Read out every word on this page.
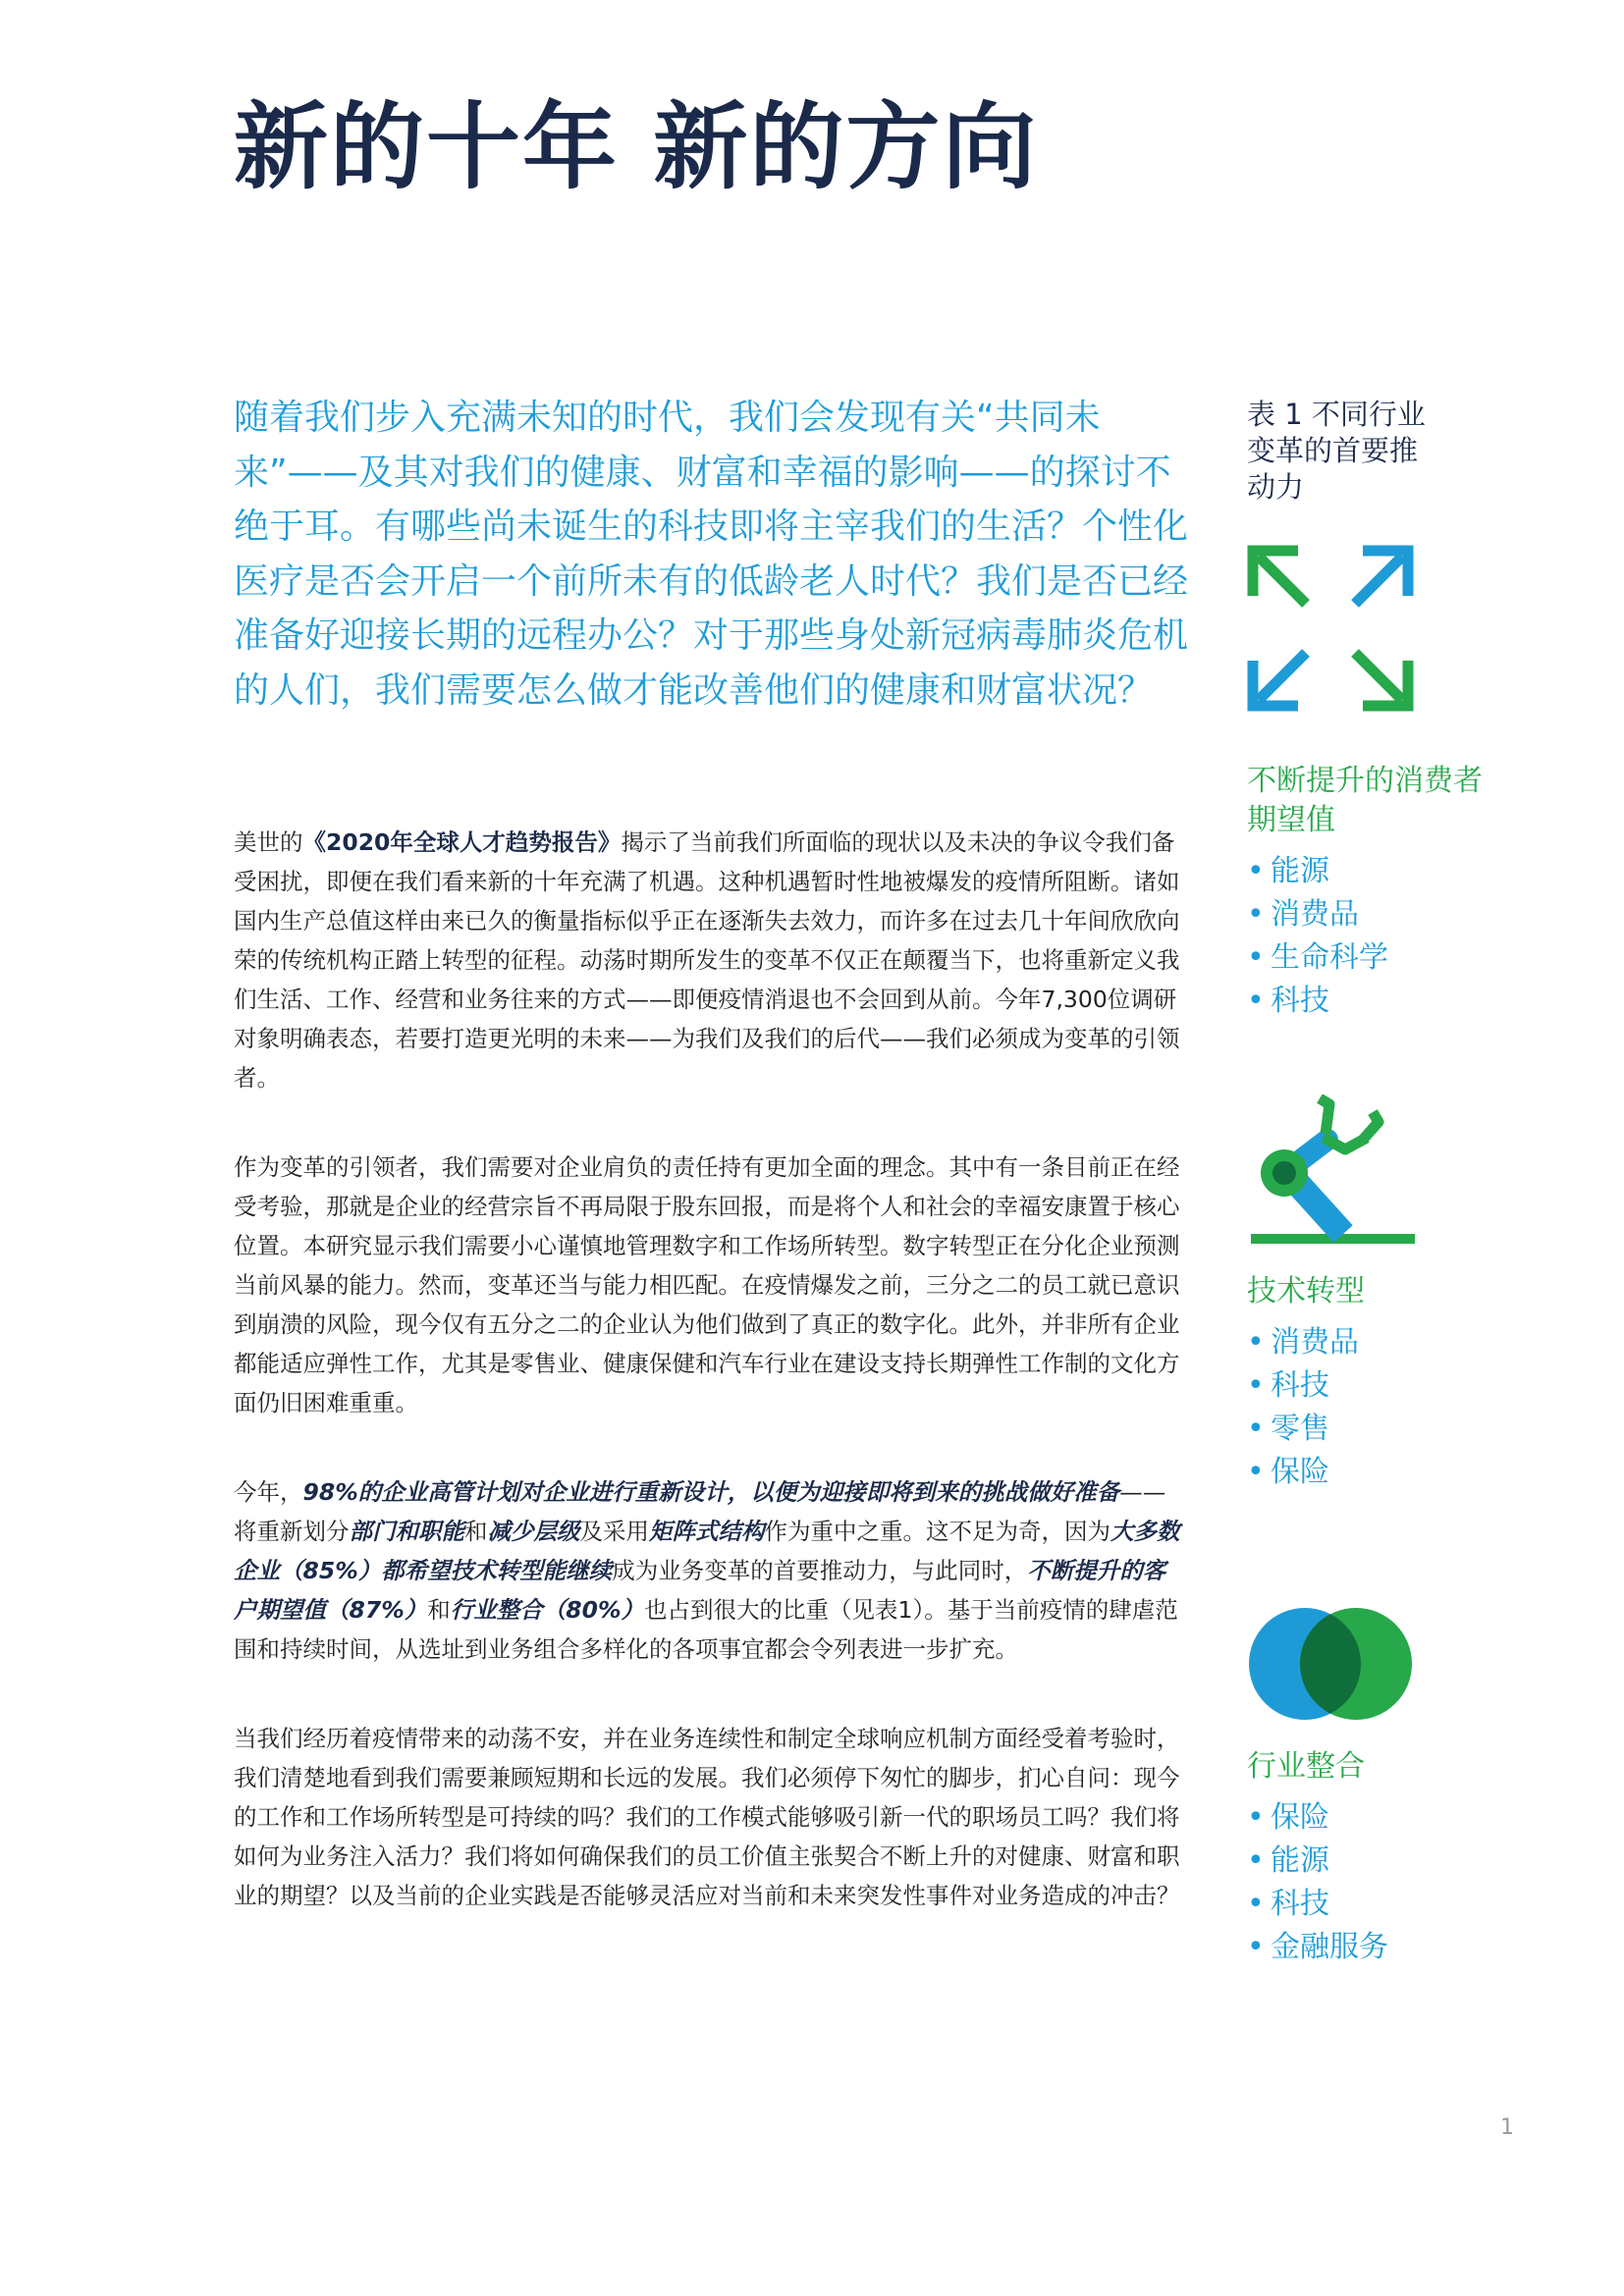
新的十年 新的方向

随着我们步入充满未知的时代，我们会发现有关“共同未来”——及其对我们的健康、财富和幸福的影响——的探讨不绝于耳。有哪些尚未诞生的科技即将主宰我们的生活？个性化医疗是否会开启一个前所未有的低龄老人时代？我们是否已经准备好迎接长期的远程办公？对于那些身处新冠病毒肺炎危机的人们，我们需要怎么做才能改善他们的健康和财富状况？

美世的《2020年全球人才趋势报告》揭示了当前我们所面临的现状以及未决的争议令我们备受困扰，即便在我们看来新的十年充满了机遇。这种机遇暂时性地被爆发的疫情所阻断。诸如国内生产总值这样由来已久的衡量指标似乎正在逐渐失去效力，而许多在过去几十年间欣欣向荣的传统机构正踏上转型的征程。动荡时期所发生的变革不仅正在颠覆当下，也将重新定义我们生活、工作、经营和业务往来的方式——即便疫情消退也不会回到从前。今年7,300位调研对象明确表态，若要打造更光明的未来——为我们及我们的后代——我们必须成为变革的引领者。

作为变革的引领者，我们需要对企业肩负的责任持有更加全面的理念。其中有一条目前正在经受考验，那就是企业的经营宗旨不再局限于股东回报，而是将个人和社会的幸福安康置于核心位置。本研究显示我们需要小心谨慎地管理数字和工作场所转型。数字转型正在分化企业预测当前风暴的能力。然而，变革还当与能力相匹配。在疫情爆发之前，三分之二的员工就已意识到崩溃的风险，现今仅有五分之二的企业认为他们做到了真正的数字化。此外，并非所有企业都能适应弹性工作，尤其是零售业、健康保健和汽车行业在建设支持长期弹性工作制的文化方面仍旧困难重重。

今年，98%的企业高管计划对企业进行重新设计，以便为迎接即将到来的挑战做好准备——将重新划分部门和职能和减少层级及采用矩阵式结构作为重中之重。这不足为奇，因为大多数企业（85%）都希望技术转型能继续成为业务变革的首要推动力，与此同时，不断提升的客户期望值（87%）和行业整合（80%）也占到很大的比重（见表1）。基于当前疫情的肆虐范围和持续时间，从选址到业务组合多样化的各项事宜都会令列表进一步扩充。

当我们经历着疫情带来的动荡不安，并在业务连续性和制定全球响应机制方面经受着考验时，我们清楚地看到我们需要兼顾短期和长远的发展。我们必须停下匆忙的脚步，扪心自问：现今的工作和工作场所转型是可持续的吗？我们的工作模式能够吸引新一代的职场员工吗？我们将如何为业务注入活力？我们将如何确保我们的员工价值主张契合不断上升的对健康、财富和职业的期望？以及当前的企业实践是否能够灵活应对当前和未来突发性事件对业务造成的冲击？

表 1 不同行业变革的首要推动力
不断提升的消费者期望值
• 能源
• 消费品
• 生命科学
• 科技
技术转型
• 消费品
• 科技
• 零售
• 保险
行业整合
• 保险
• 能源
• 科技
• 金融服务
1
